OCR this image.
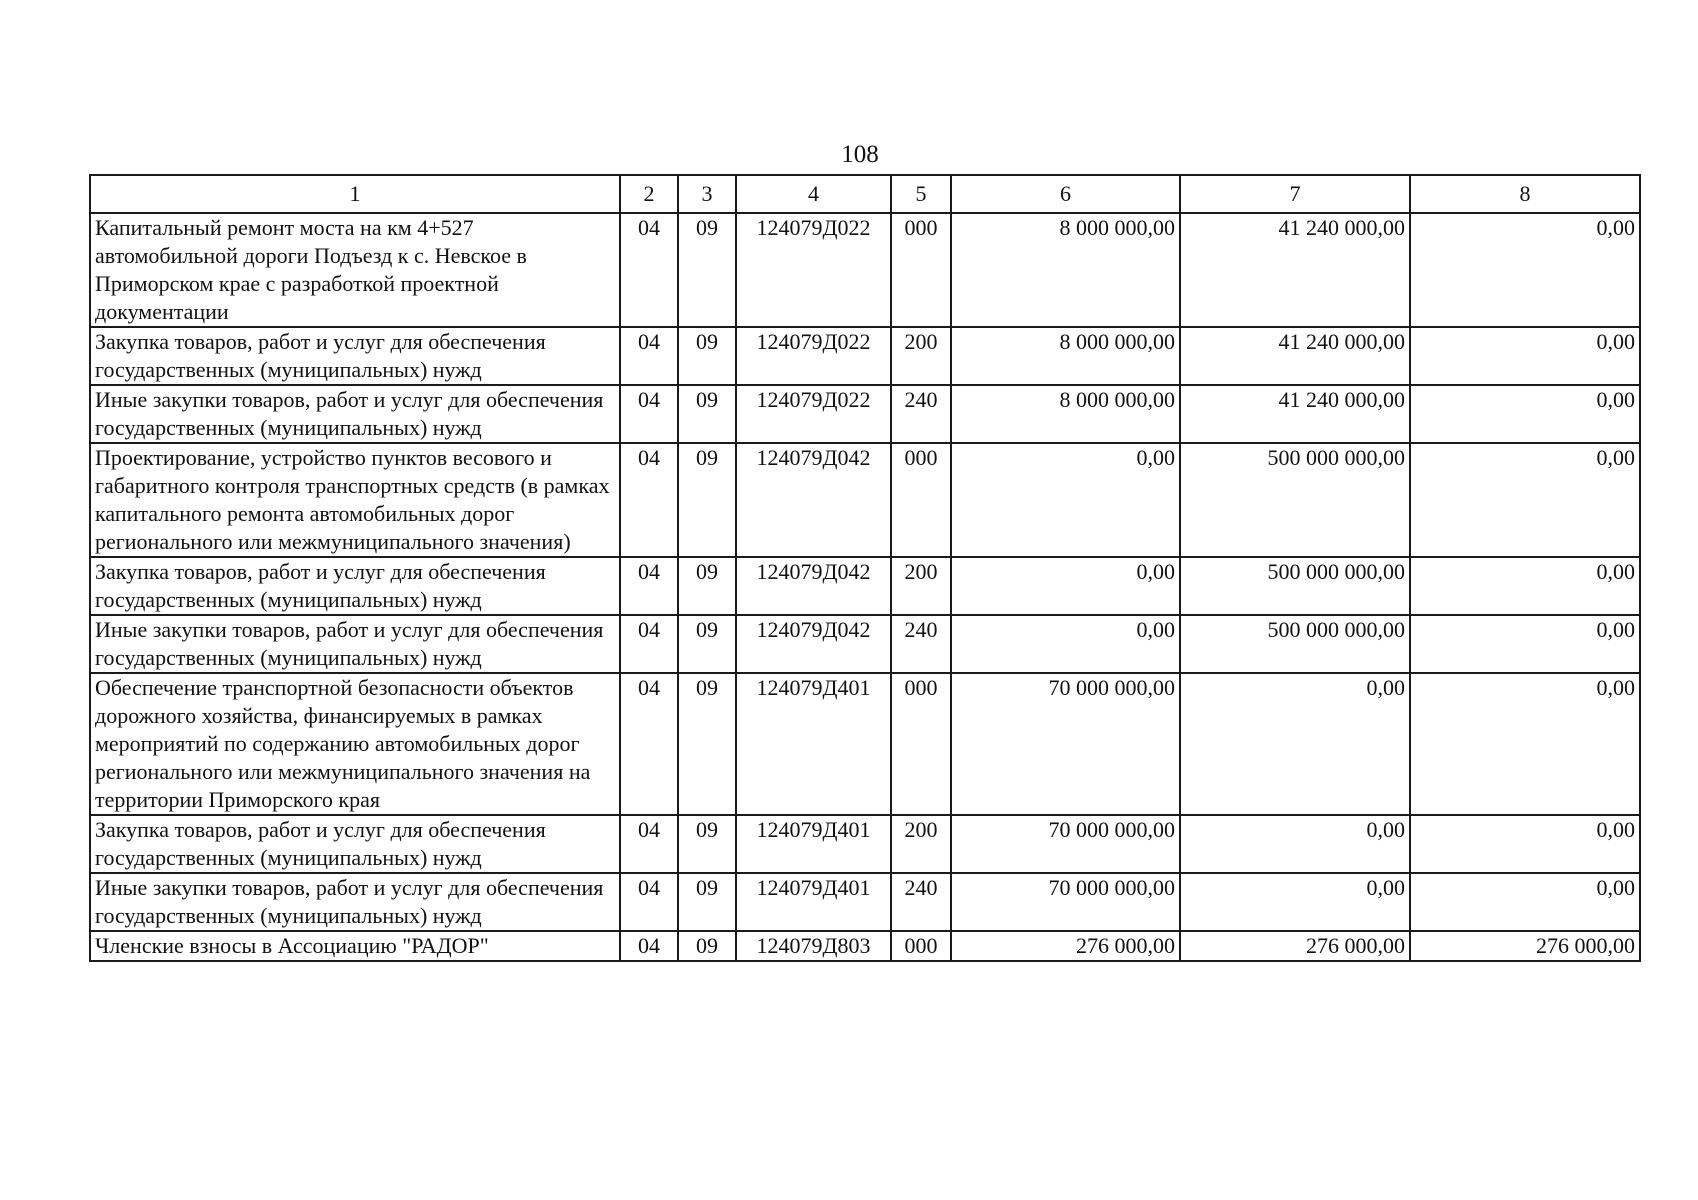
108
1	2	3	4	5	6	7	8
Капитальный ремонт моста на км 4+527 автомобильной дороги Подъезд к с. Невское в Приморском крае с разработкой проектной документации	04	09	124079Д022	000	8 000 000,00	41 240 000,00	0,00
Закупка товаров, работ и услуг для обеспечения государственных (муниципальных) нужд	04	09	124079Д022	200	8 000 000,00	41 240 000,00	0,00
Иные закупки товаров, работ и услуг для обеспечения государственных (муниципальных) нужд	04	09	124079Д022	240	8 000 000,00	41 240 000,00	0,00
Проектирование, устройство пунктов весового и габаритного контроля транспортных средств (в рамках капитального ремонта автомобильных дорог регионального или межмуниципального значения)	04	09	124079Д042	000	0,00	500 000 000,00	0,00
Закупка товаров, работ и услуг для обеспечения государственных (муниципальных) нужд	04	09	124079Д042	200	0,00	500 000 000,00	0,00
Иные закупки товаров, работ и услуг для обеспечения государственных (муниципальных) нужд	04	09	124079Д042	240	0,00	500 000 000,00	0,00
Обеспечение транспортной безопасности объектов дорожного хозяйства, финансируемых в рамках мероприятий по содержанию автомобильных дорог регионального или межмуниципального значения на территории Приморского края	04	09	124079Д401	000	70 000 000,00	0,00	0,00
Закупка товаров, работ и услуг для обеспечения государственных (муниципальных) нужд	04	09	124079Д401	200	70 000 000,00	0,00	0,00
Иные закупки товаров, работ и услуг для обеспечения государственных (муниципальных) нужд	04	09	124079Д401	240	70 000 000,00	0,00	0,00
Членские взносы в Ассоциацию "РАДОР"	04	09	124079Д803	000	276 000,00	276 000,00	276 000,00
